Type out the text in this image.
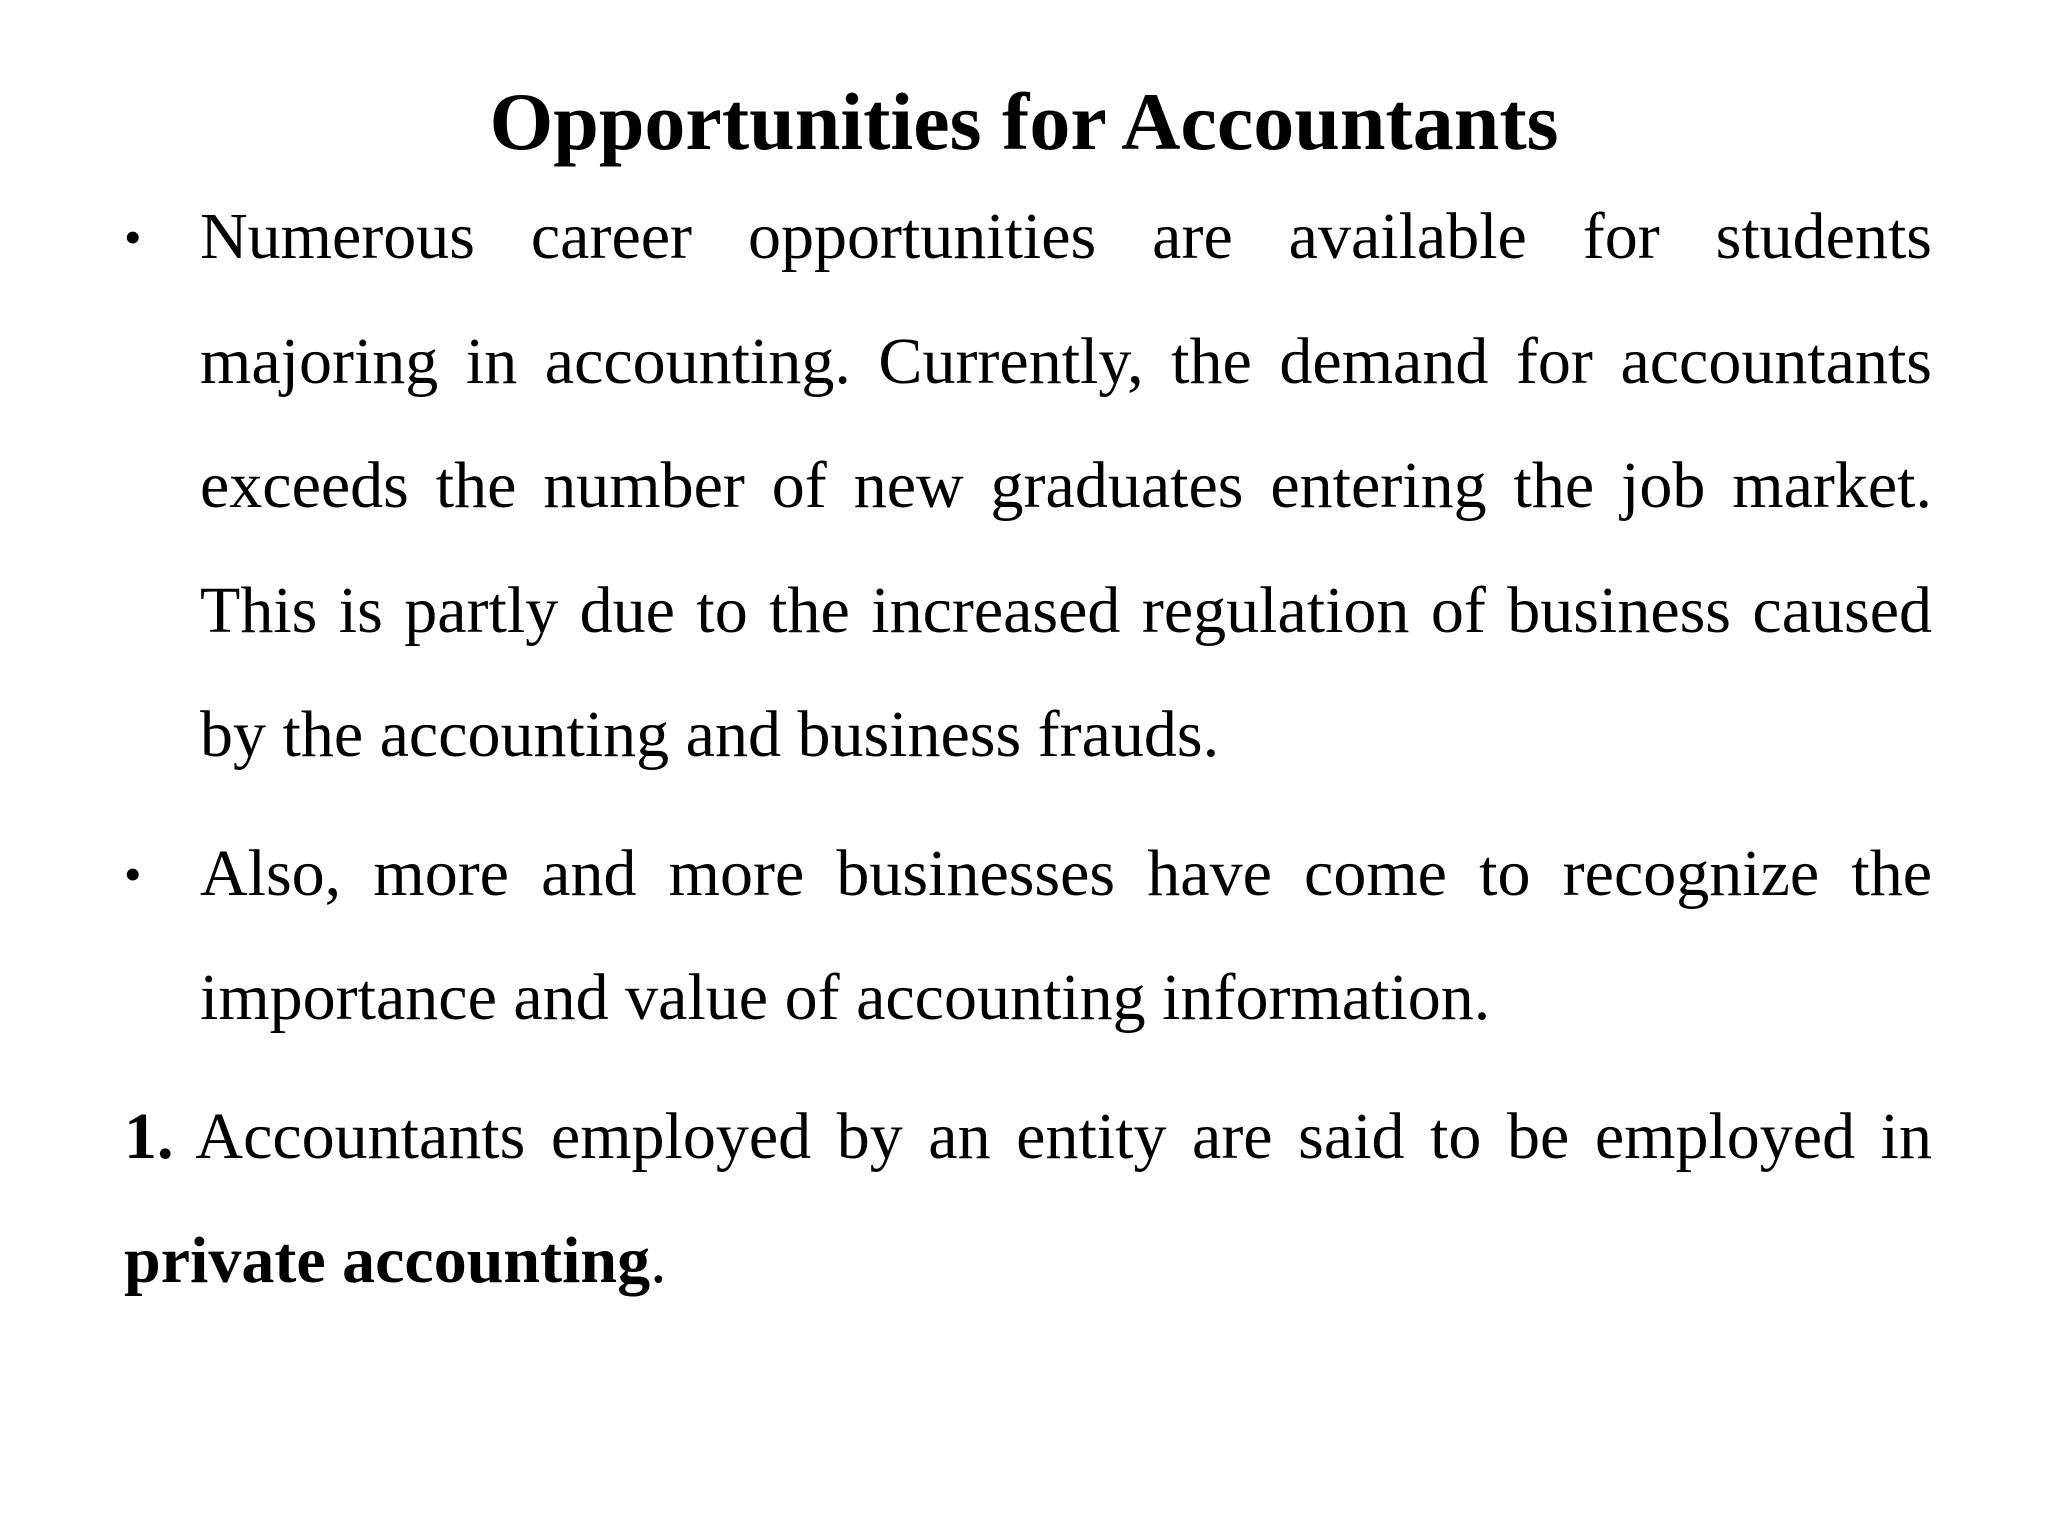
Opportunities for Accountants

• Numerous career opportunities are available for students majoring in accounting. Currently, the demand for accountants exceeds the number of new graduates entering the job market. This is partly due to the increased regulation of business caused by the accounting and business frauds.

• Also, more and more businesses have come to recognize the importance and value of accounting information.

1. Accountants employed by an entity are said to be employed in private accounting.
